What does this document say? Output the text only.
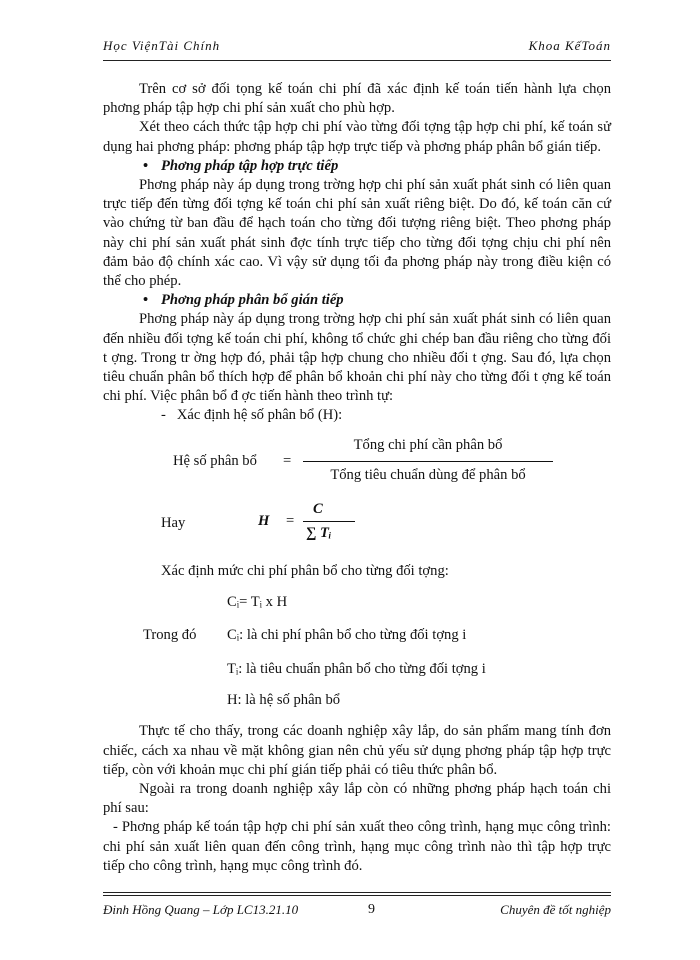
Học ViệnTài Chính	Khoa KếToán

Trên cơ sở đối tọng kế toán chi phí đã xác định kế toán tiến hành lựa chọn phơng pháp tập hợp chi phí sản xuất cho phù hợp.

Xét theo cách thức tập hợp chi phí vào từng đối tợng tập hợp chi phí, kế toán sử dụng hai phơng pháp: phơng pháp tập hợp trực tiếp và phơng pháp phân bổ gián tiếp.

• Phơng pháp tập hợp trực tiếp

Phơng pháp này áp dụng trong trờng hợp chi phí sản xuất phát sinh có liên quan trực tiếp đến từng đối tợng kế toán chi phí sản xuất riêng biệt. Do đó, kế toán căn cứ vào chứng từ ban đầu để hạch toán cho từng đối tượng riêng biệt. Theo phơng pháp này chi phí sản xuất phát sinh đợc tính trực tiếp cho từng đối tợng chịu chi phí nên đảm bảo độ chính xác cao. Vì vậy sử dụng tối đa phơng pháp này trong điều kiện có thể cho phép.

• Phơng pháp phân bổ gián tiếp

Phơng pháp này áp dụng trong trờng hợp chi phí sản xuất phát sinh có liên quan đến nhiều đối tợng kế toán chi phí, không tổ chức ghi chép ban đầu riêng cho từng đối t ợng. Trong tr ờng hợp đó, phải tập hợp chung cho nhiều đối t ợng. Sau đó, lựa chọn tiêu chuẩn phân bổ thích hợp để phân bổ khoản chi phí này cho từng đối t ợng kế toán chi phí. Việc phân bổ đ ợc tiến hành theo trình tự:

-   Xác định hệ số phân bổ (H):

Hệ số phân bổ =
Tổng chi phí cần phân bổ
Tổng tiêu chuẩn dùng để phân bổ
Hay	H =
C
∑ Tᵢ

Xác định mức chi phí phân bổ cho từng đối tợng:

Cᵢ= Tᵢ x H

Trong đó Cᵢ: là chi phí phân bổ cho từng đối tợng i

Tᵢ: là tiêu chuẩn phân bổ cho từng đối tợng i

H: là hệ số phân bổ

Thực tế cho thấy, trong các doanh nghiệp xây lắp, do sản phẩm mang tính đơn chiếc, cách xa nhau về mặt không gian nên chủ yếu sử dụng phơng pháp tập hợp trực tiếp, còn với khoản mục chi phí gián tiếp phải có tiêu thức phân bổ.

Ngoài ra trong doanh nghiệp xây lắp còn có những phơng pháp hạch toán chi phí sau:

- Phơng pháp kế toán tập hợp chi phí sản xuất theo công trình, hạng mục công trình: chi phí sản xuất liên quan đến công trình, hạng mục công trình nào thì tập hợp trực tiếp cho công trình, hạng mục công trình đó.

Đinh Hồng Quang – Lớp LC13.21.10	9	Chuyên đề tốt nghiệp
